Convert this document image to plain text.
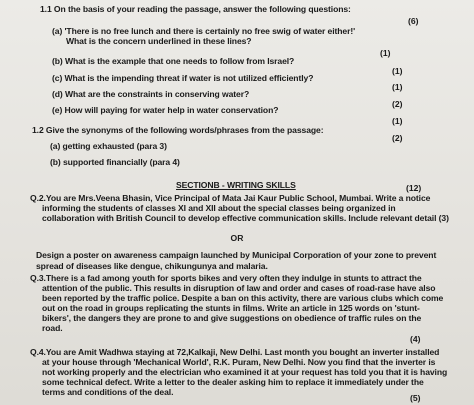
1.1 On the basis of your reading the passage, answer the following questions:
(6)
(a) 'There is no free lunch and there is certainly no free swig of water either!'
What is the concern underlined in these lines?
(1)
(b) What is the example that one needs to follow from Israel?
(1)
(c) What is the impending threat if water is not utilized efficiently?
(1)
(d) What are the constraints in conserving water?
(2)
(e) How will paying for water help in water conservation?
(1)
1.2 Give the synonyms of the following words/phrases from the passage:
(2)
(a) getting exhausted (para 3)
(b) supported financially (para 4)
SECTIONB - WRITING SKILLS	(12)
Q.2.You are Mrs.Veena Bhasin, Vice Principal of Mata Jai Kaur Public School, Mumbai. Write a notice
informing the students of classes XI and XII about the special classes being organized in
collaboration with British Council to develop effective communication skills. Include relevant detail (3)
OR
Design a poster on awareness campaign launched by Municipal Corporation of your zone to prevent
spread of diseases like dengue, chikungunya and malaria.
Q.3.There is a fad among youth for sports bikes and very often they indulge in stunts to attract the
attention of the public. This results in disruption of law and order and cases of road-rase have also
been reported by the traffic police. Despite a ban on this activity, there are various clubs which come
out on the road in groups replicating the stunts in films. Write an article in 125 words on 'stunt-
bikers', the dangers they are prone to and give suggestions on obedience of traffic rules on the
road.
(4)
Q.4.You are Amit Wadhwa staying at 72,Kalkaji, New Delhi. Last month you bought an inverter installed
at your house through 'Mechanical World', R.K. Puram, New Delhi. Now you find that the inverter is
not working properly and the electrician who examined it at your request has told you that it is having
some technical defect. Write a letter to the dealer asking him to replace it immediately under the
terms and conditions of the deal.
(5)
